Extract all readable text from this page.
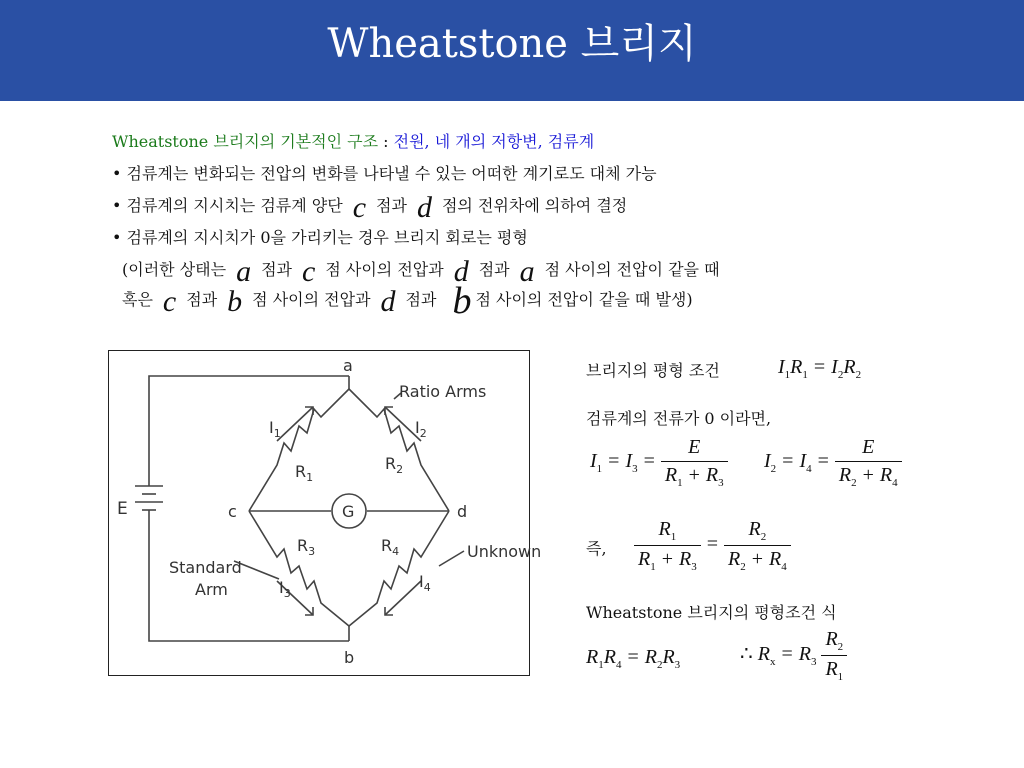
Wheatstone 브리지
Wheatstone 브리지의 기본적인 구조 : 전원, 네 개의 저항변, 검류계
• 검류계는 변화되는 전압의 변화를 나타낼 수 있는 어떠한 계기로도 대체 가능
• 검류계의 지시치는 검류계 양단 c 점과 d 점의 전위차에 의하여 결정
• 검류계의 지시치가 0을 가리키는 경우 브리지 회로는 평형
(이러한 상태는 a 점과 c 점 사이의 전압과 d 점과 a 점 사이의 전압이 같을 때
혹은 c 점과 b 점 사이의 전압과 d 점과 b 점 사이의 전압이 같을 때 발생)
a
b
c	d
E	G
$I_1$	$I_2$
$I_3$
$I_4$
$R_1$
$R_2$
$R_3$	$R_4$
Ratio Arms
Unknown
Standard
Arm
브리지의 평형 조건	$I_1R_1 = I_2R_2$
검류계의 전류가 0 이라면,
$I_1 = I_3 = \frac{E}{R_1 + R_3} I_2 = I_4 = \frac{E}{R_2 + R_4}$
즉, $\frac{R_1}{R_1 + R_3} = \frac{R_2}{R_2 + R_4}$
Wheatstone 브리지의 평형조건 식
$R_1R_4 = R_2R_3$	∴ $R_x = R_3 \frac{R_2}{R_1}$
